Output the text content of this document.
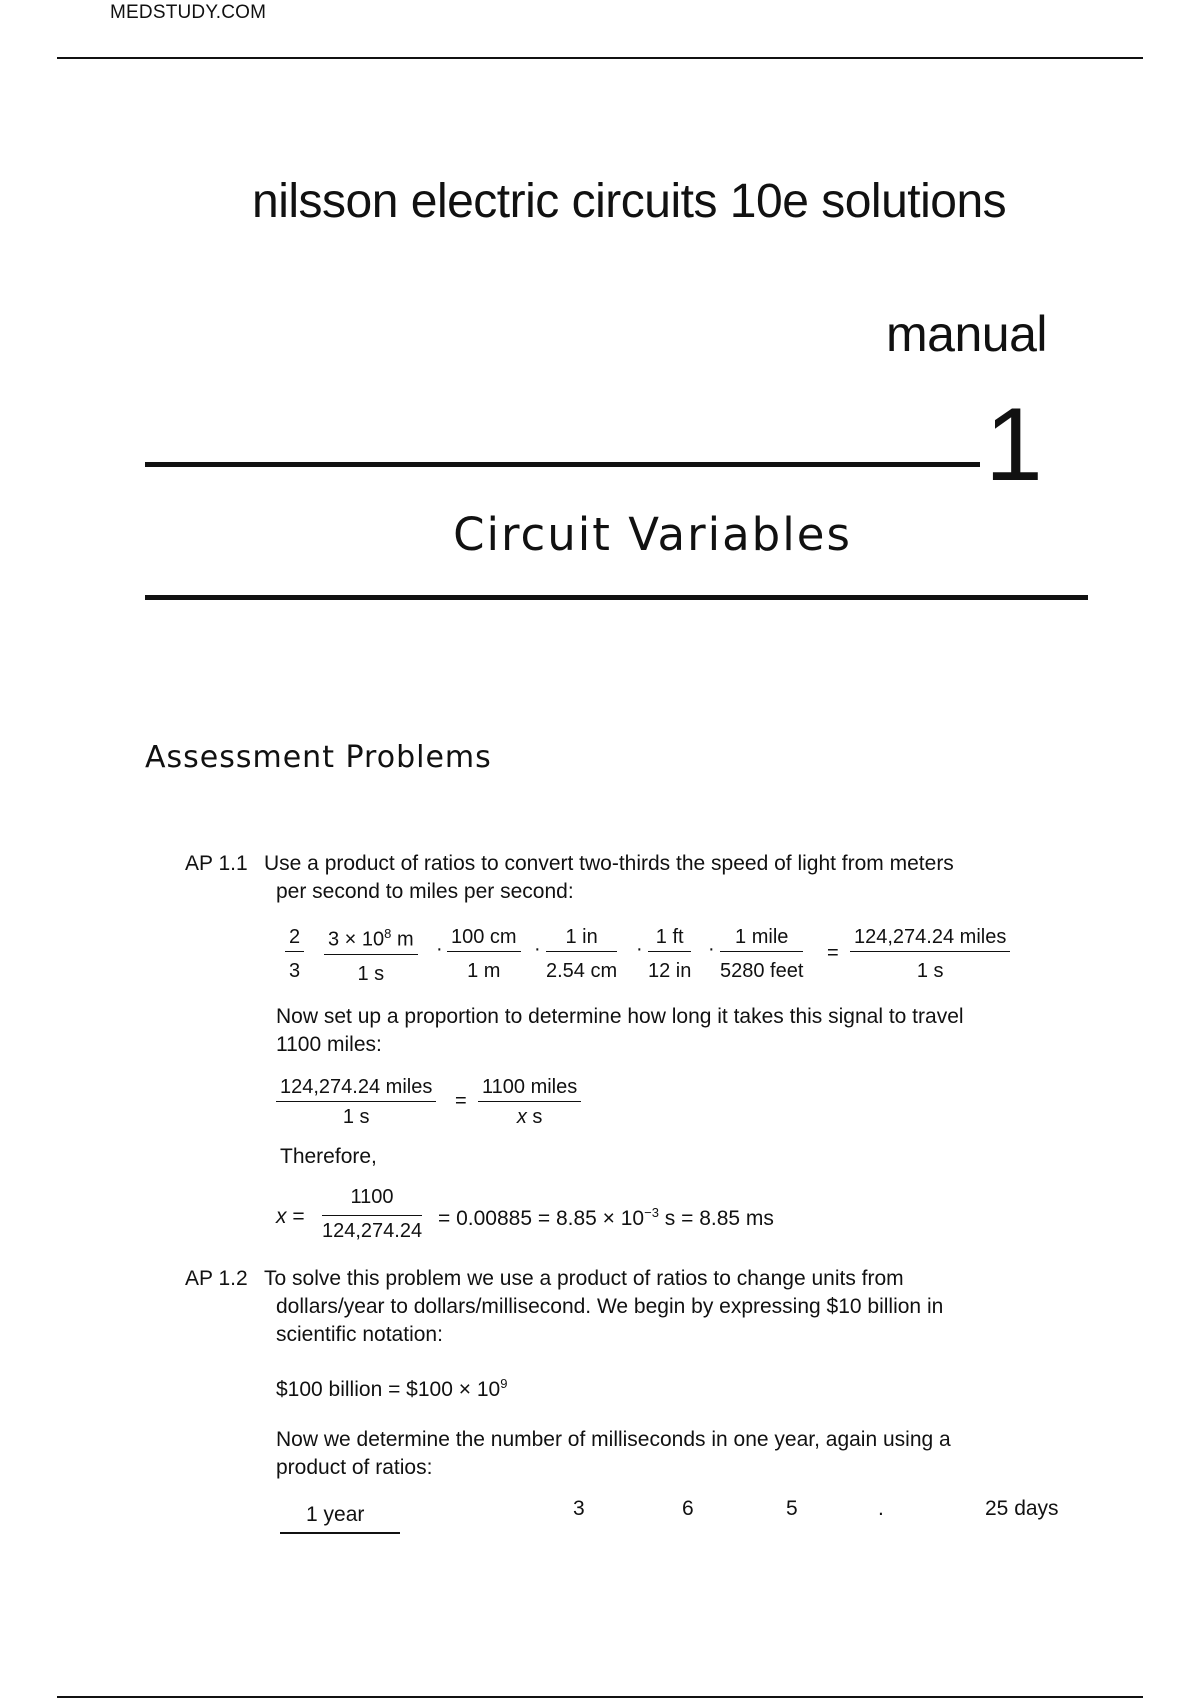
MEDSTUDY.COM
nilsson electric circuits 10e solutions
manual
1
Circuit Variables
Assessment Problems
AP 1.1 Use a product of ratios to convert two-thirds the speed of light from meters
per second to miles per second:
$\frac{2}{3} \frac{3 \times 10^8 m}{1 s} \cdot \frac{100 cm}{1 m} \cdot \frac{1 in}{2.54 cm} \cdot \frac{1 ft}{12 in}$ ·
1 mile
5280 feet
=
124,274.24 miles
1 s
Now set up a proportion to determine how long it takes this signal to travel
1100 miles:
124,274.24 miles
1 s
=
1100 miles
x s
Therefore,
$x = \frac{1100}{124,274.24} = 0.00885 = 8.85 \times 10^{-3}$ s = 8.85 ms
AP 1.2 To solve this problem we use a product of ratios to change units from
dollars/year to dollars/millisecond. We begin by expressing $10 billion in
scientific notation:
$100 billion = $100 × $10^9$
Now we determine the number of milliseconds in one year, again using a
product of ratios:
1 year	3	6	5	.	25 days
